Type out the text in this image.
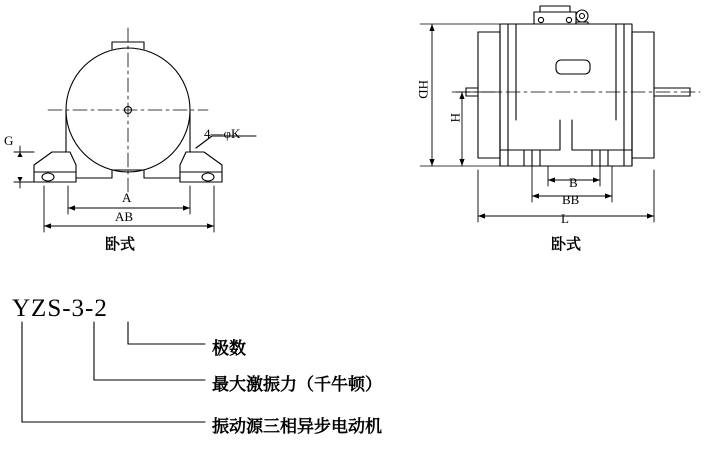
G	4—φK
A
AB
卧式
HD
H
B
BB
L
卧式
YZS-3-2
极数
最大激振力（千牛顿）
振动源三相异步电动机
